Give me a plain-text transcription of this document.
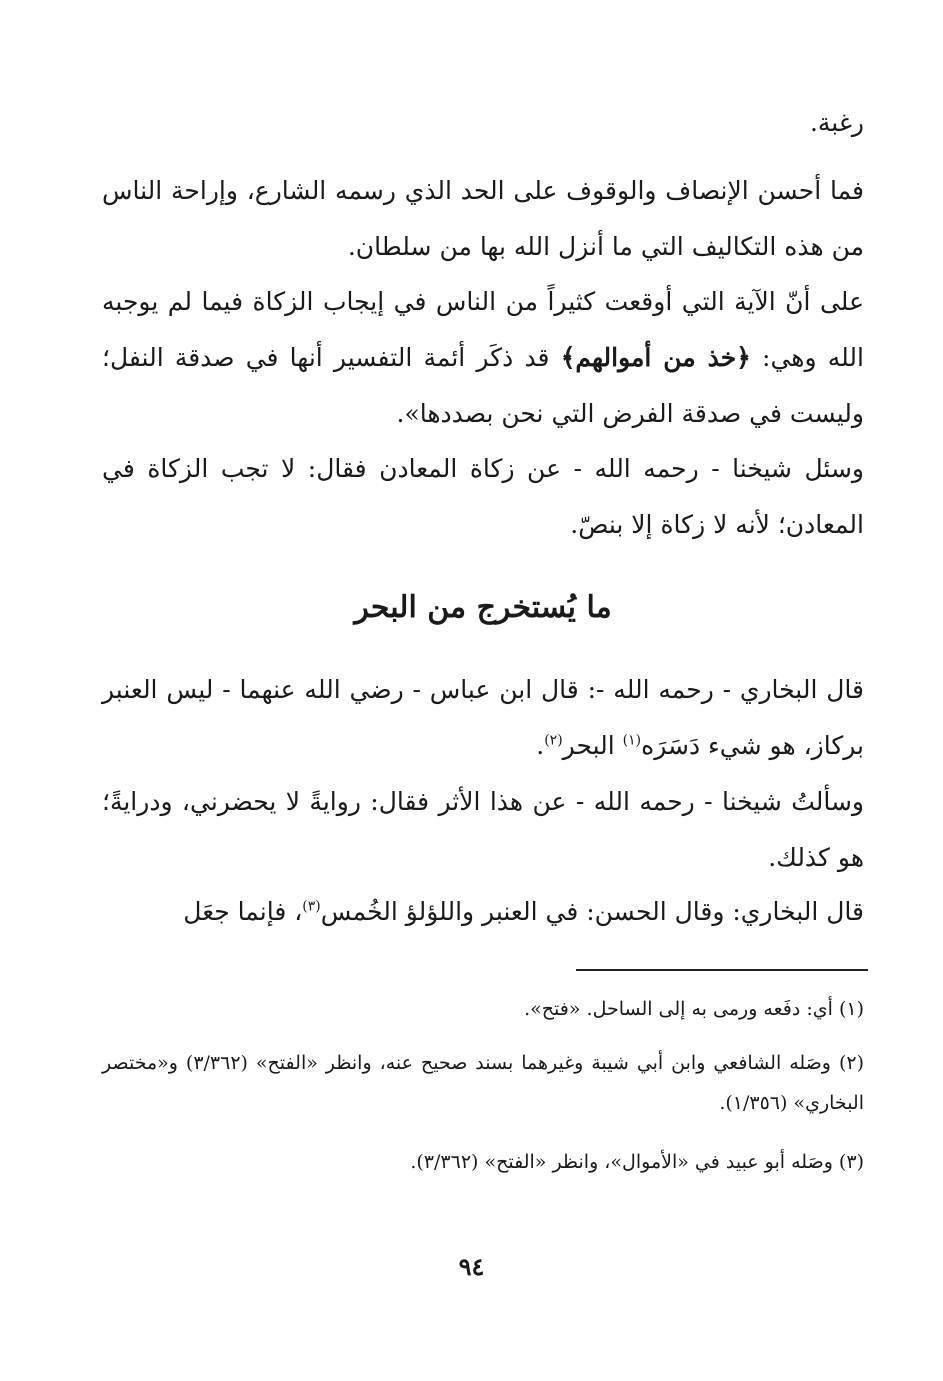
رغبة.

فما أحسن الإنصاف والوقوف على الحد الذي رسمه الشارع، وإراحة الناس من هذه التكاليف التي ما أنزل الله بها من سلطان.

على أنّ الآية التي أوقعت كثيراً من الناس في إيجاب الزكاة فيما لم يوجبه الله وهي: ﴿خذ من أموالهم﴾ قد ذكَر أئمة التفسير أنها في صدقة النفل؛ وليست في صدقة الفرض التي نحن بصددها».

وسئل شيخنا - رحمه الله - عن زكاة المعادن فقال: لا تجب الزكاة في المعادن؛ لأنه لا زكاة إلا بنصّ.

ما يُستخرج من البحر

قال البخاري - رحمه الله -: قال ابن عباس - رضي الله عنهما - ليس العنبر بركاز، هو شيء دَسَرَه$^{(١)}$ البحر$^{(٢)}$.

وسألتُ شيخنا - رحمه الله - عن هذا الأثر فقال: روايةً لا يحضرني، ودرايةً؛ هو كذلك.

قال البخاري: وقال الحسن: في العنبر واللؤلؤ الخُمس$^{(٣)}$، فإنما جعَل

(١) أي: دفَعه ورمى به إلى الساحل. «فتح».

(٢) وصَله الشافعي وابن أبي شيبة وغيرهما بسند صحيح عنه، وانظر «الفتح» (٣/٣٦٢) و«مختصر البخاري» (١/٣٥٦).

(٣) وصَله أبو عبيد في «الأموال»، وانظر «الفتح» (٣/٣٦٢).

٩٤
